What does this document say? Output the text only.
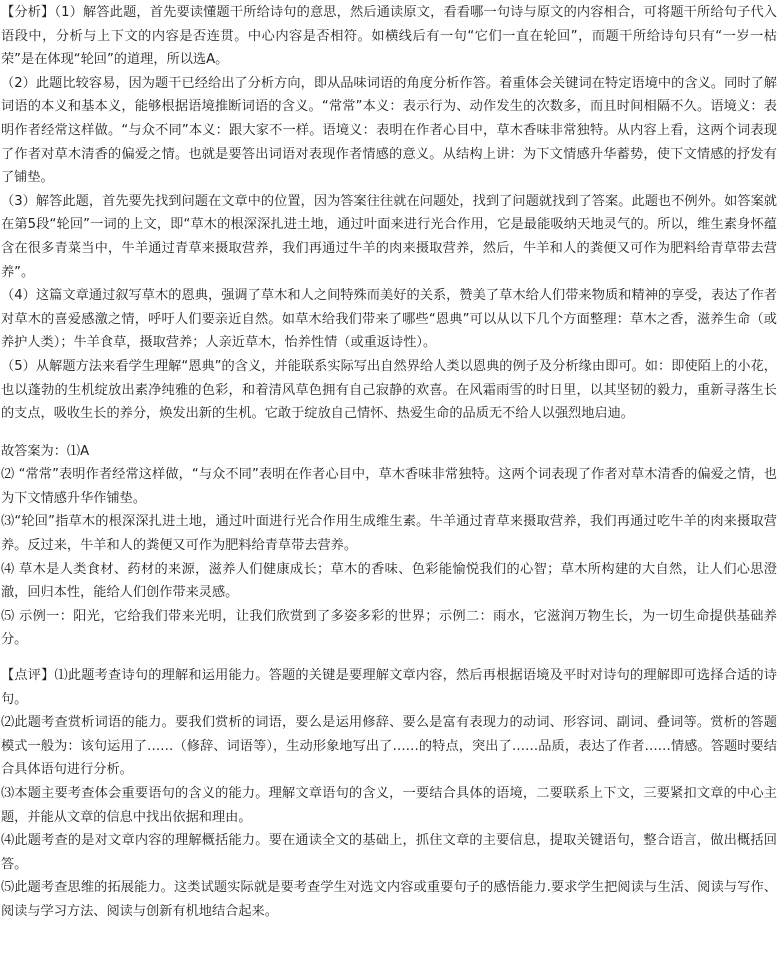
【分析】（1）解答此题，首先要读懂题干所给诗句的意思，然后通读原文，看看哪一句诗与原文的内容相合，可将题干所给句子代入语段中，分析与上下文的内容是否连贯。中心内容是否相符。如横线后有一句“它们一直在轮回”，而题干所给诗句只有“一岁一枯荣”是在体现“轮回”的道理，所以选A。

（2）此题比较容易，因为题干已经给出了分析方向，即从品味词语的角度分析作答。着重体会关键词在特定语境中的含义。同时了解词语的本义和基本义，能够根据语境推断词语的含义。“常常”本义：表示行为、动作发生的次数多，而且时间相隔不久。语境义：表明作者经常这样做。“与众不同”本义：跟大家不一样。语境义：表明在作者心目中，草木香味非常独特。从内容上看，这两个词表现了作者对草木清香的偏爱之情。也就是要答出词语对表现作者情感的意义。从结构上讲：为下文情感升华蓄势，使下文情感的抒发有了铺垫。

（3）解答此题，首先要先找到问题在文章中的位置，因为答案往往就在问题处，找到了问题就找到了答案。此题也不例外。如答案就在第5段“轮回”一词的上文，即“草木的根深深扎进土地，通过叶面来进行光合作用，它是最能吸纳天地灵气的。所以，维生素身怀蕴含在很多青菜当中，牛羊通过青草来摄取营养，我们再通过牛羊的肉来摄取营养，然后，牛羊和人的粪便又可作为肥料给青草带去营养”。

（4）这篇文章通过叙写草木的恩典，强调了草木和人之间特殊而美好的关系，赞美了草木给人们带来物质和精神的享受，表达了作者对草木的喜爱感激之情，呼吁人们要亲近自然。如草木给我们带来了哪些“恩典”可以从以下几个方面整理：草木之香，滋养生命（或养护人类）；牛羊食草，摄取营养；人亲近草木，怡养性情（或重返诗性）。

（5）从解题方法来看学生理解“恩典”的含义，并能联系实际写出自然界给人类以恩典的例子及分析缘由即可。如：即使陌上的小花，也以蓬勃的生机绽放出素净纯雅的色彩，和着清风草色拥有自己寂静的欢喜。在风霜雨雪的时日里，以其坚韧的毅力，重新寻落生长的支点，吸收生长的养分，焕发出新的生机。它敢于绽放自己情怀、热爱生命的品质无不给人以强烈地启迪。

故答案为：⑴A

⑵ “常常”表明作者经常这样做，“与众不同”表明在作者心目中，草木香味非常独特。这两个词表现了作者对草木清香的偏爱之情，也为下文情感升华作铺垫。

⑶“轮回”指草木的根深深扎进土地，通过叶面进行光合作用生成维生素。牛羊通过青草来摄取营养，我们再通过吃牛羊的肉来摄取营养。反过来，牛羊和人的粪便又可作为肥料给青草带去营养。

⑷ 草木是人类食材、药材的来源，滋养人们健康成长；草木的香味、色彩能愉悦我们的心智；草木所构建的大自然，让人们心思澄澈，回归本性，能给人们创作带来灵感。

⑸ 示例一：阳光，它给我们带来光明，让我们欣赏到了多姿多彩的世界；示例二：雨水，它滋润万物生长，为一切生命提供基础养分。

【点评】⑴此题考查诗句的理解和运用能力。答题的关键是要理解文章内容，然后再根据语境及平时对诗句的理解即可选择合适的诗句。

⑵此题考查赏析词语的能力。要我们赏析的词语，要么是运用修辞、要么是富有表现力的动词、形容词、副词、叠词等。赏析的答题模式一般为：该句运用了……（修辞、词语等），生动形象地写出了……的特点，突出了……品质，表达了作者……情感。答题时要结合具体语句进行分析。

⑶本题主要考查体会重要语句的含义的能力。理解文章语句的含义，一要结合具体的语境，二要联系上下文，三要紧扣文章的中心主题，并能从文章的信息中找出依据和理由。

⑷此题考查的是对文章内容的理解概括能力。要在通读全文的基础上，抓住文章的主要信息，提取关键语句，整合语言，做出概括回答。

⑸此题考查思维的拓展能力。这类试题实际就是要考查学生对选文内容或重要句子的感悟能力.要求学生把阅读与生活、阅读与写作、阅读与学习方法、阅读与创新有机地结合起来。
